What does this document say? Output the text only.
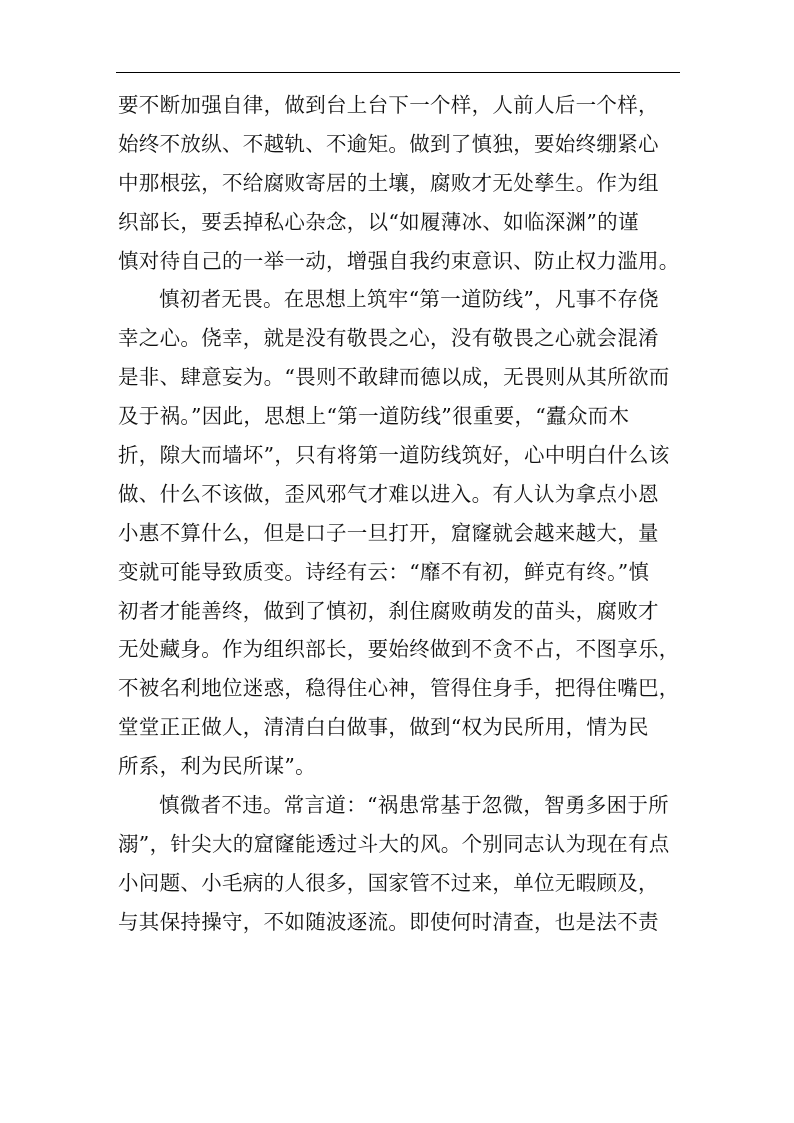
要不断加强自律，做到台上台下一个样，人前人后一个样，
始终不放纵、不越轨、不逾矩。做到了慎独，要始终绷紧心
中那根弦，不给腐败寄居的土壤，腐败才无处孳生。作为组
织部长，要丢掉私心杂念，以“如履薄冰、如临深渊”的谨
慎对待自己的一举一动，增强自我约束意识、防止权力滥用。
慎初者无畏。在思想上筑牢“第一道防线”，凡事不存侥
幸之心。侥幸，就是没有敬畏之心，没有敬畏之心就会混淆
是非、肆意妄为。“畏则不敢肆而德以成，无畏则从其所欲而
及于祸。”因此，思想上“第一道防线”很重要，“蠹众而木
折，隙大而墙坏”，只有将第一道防线筑好，心中明白什么该
做、什么不该做，歪风邪气才难以进入。有人认为拿点小恩
小惠不算什么，但是口子一旦打开，窟窿就会越来越大，量
变就可能导致质变。诗经有云：“靡不有初，鲜克有终。”慎
初者才能善终，做到了慎初，刹住腐败萌发的苗头，腐败才
无处藏身。作为组织部长，要始终做到不贪不占，不图享乐，
不被名利地位迷惑，稳得住心神，管得住身手，把得住嘴巴，
堂堂正正做人，清清白白做事，做到“权为民所用，情为民
所系，利为民所谋”。
慎微者不违。常言道：“祸患常基于忽微，智勇多困于所
溺”，针尖大的窟窿能透过斗大的风。个别同志认为现在有点
小问题、小毛病的人很多，国家管不过来，单位无暇顾及，
与其保持操守，不如随波逐流。即使何时清查，也是法不责
